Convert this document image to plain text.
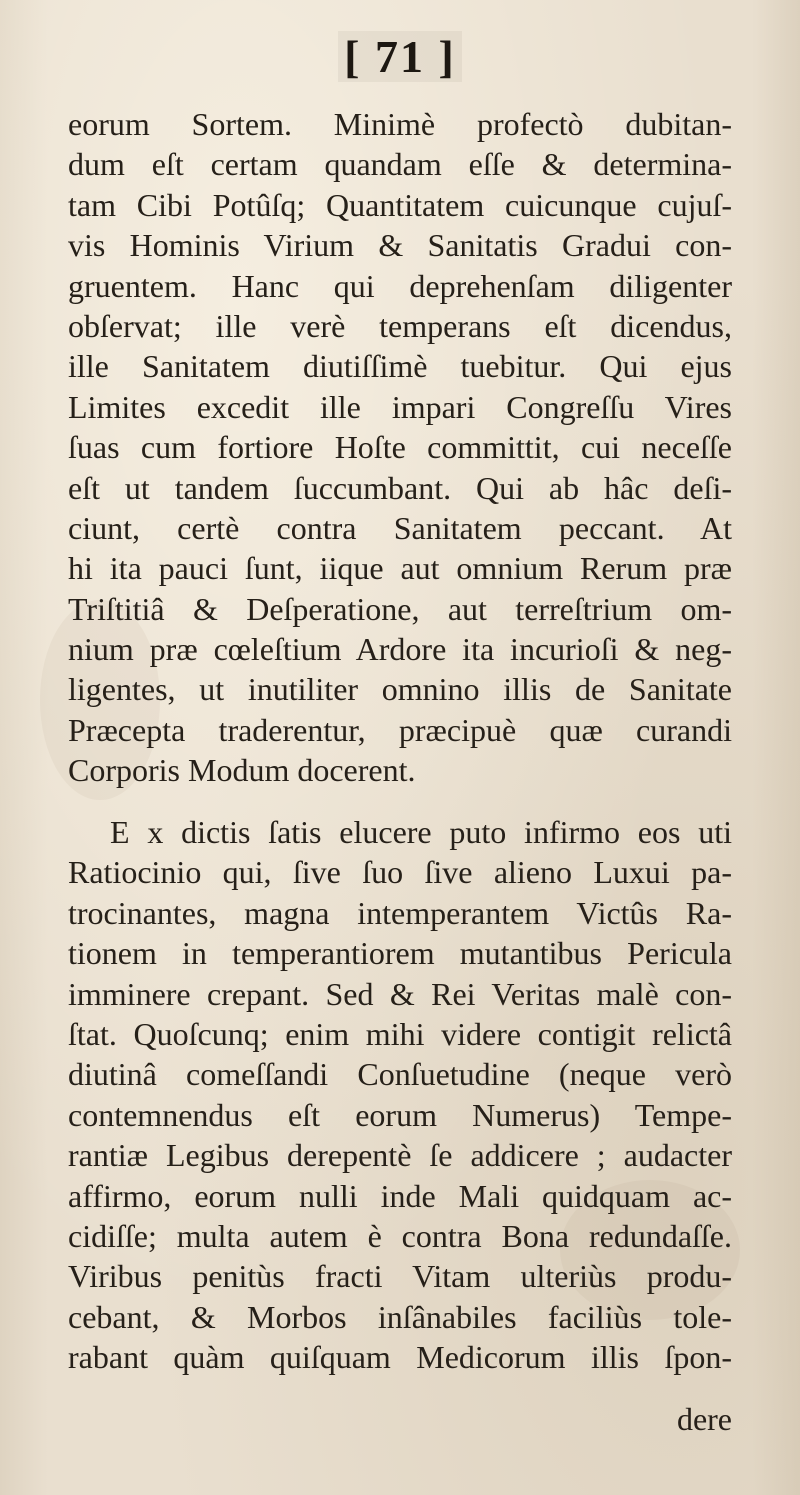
[ 71 ]
eorum Sortem. Minimè profectò dubitan-
dum eſt certam quandam eſſe & determina-
tam Cibi Potûſq; Quantitatem cuicunque cujuſ-
vis Hominis Virium & Sanitatis Gradui con-
gruentem. Hanc qui deprehenſam diligenter
obſervat; ille verè temperans eſt dicendus,
ille Sanitatem diutiſſimè tuebitur. Qui ejus
Limites excedit ille impari Congreſſu Vires
ſuas cum fortiore Hoſte committit, cui neceſſe
eſt ut tandem ſuccumbant. Qui ab hâc deſi-
ciunt, certè contra Sanitatem peccant. At
hi ita pauci ſunt, iique aut omnium Rerum præ
Triſtitiâ & Deſperatione, aut terreſtrium om-
nium præ cœleſtium Ardore ita incurioſi & neg-
ligentes, ut inutiliter omnino illis de Sanitate
Præcepta traderentur, præcipuè quæ curandi
Corporis Modum docerent.
E x dictis ſatis elucere puto infirmo eos uti
Ratiocinio qui, ſive ſuo ſive alieno Luxui pa-
trocinantes, magna intemperantem Victûs Ra-
tionem in temperantiorem mutantibus Pericula
imminere crepant. Sed & Rei Veritas malè con-
ſtat. Quoſcunq; enim mihi videre contigit relictâ
diutinâ comeſſandi Conſuetudine (neque verò
contemnendus eſt eorum Numerus) Tempe-
rantiæ Legibus derepentè ſe addicere ; audacter
affirmo, eorum nulli inde Mali quidquam ac-
cidiſſe; multa autem è contra Bona redundaſſe.
Viribus penitùs fracti Vitam ulteriùs produ-
cebant, & Morbos inſânabiles faciliùs tole-
rabant quàm quiſquam Medicorum illis ſpon-
dere
